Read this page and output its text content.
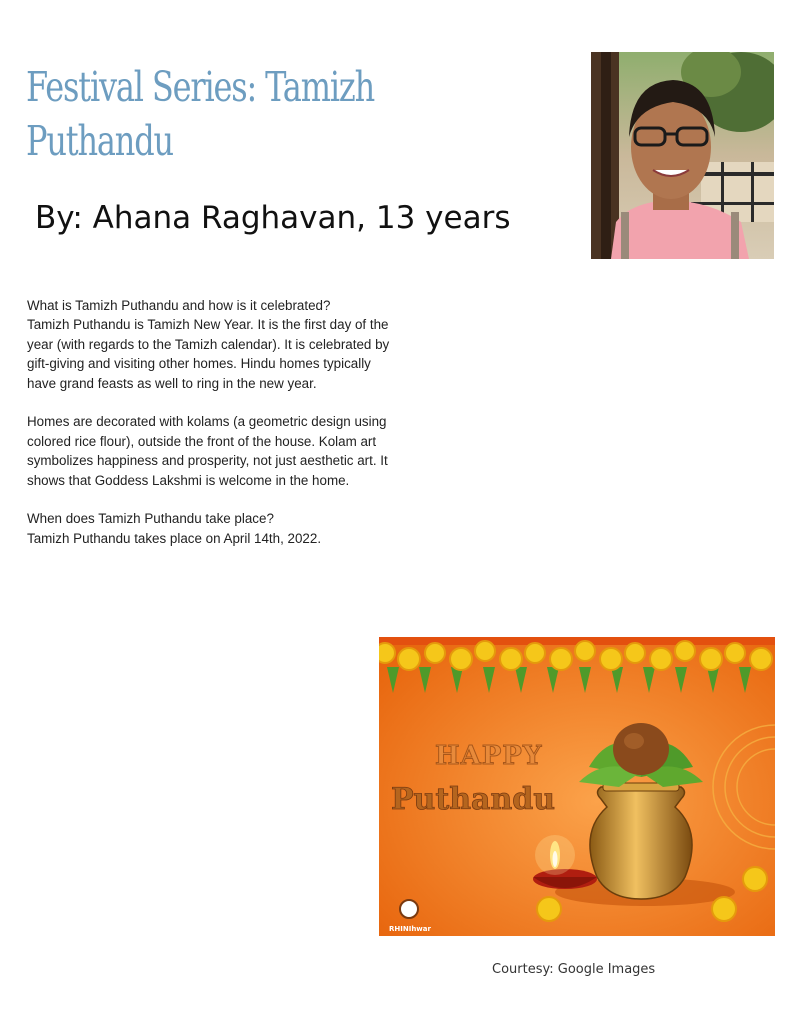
Festival Series: Tamizh
Puthandu
By: Ahana Raghavan, 13 years

What is Tamizh Puthandu and how is it celebrated?
Tamizh Puthandu is Tamizh New Year. It is the first day of the
year (with regards to the Tamizh calendar). It is celebrated by
gift-giving and visiting other homes. Hindu homes typically
have grand feasts as well to ring in the new year.

Homes are decorated with kolams (a geometric design using
colored rice flour), outside the front of the house. Kolam art
symbolizes happiness and prosperity, not just aesthetic art. It
shows that Goddess Lakshmi is welcome in the home.

When does Tamizh Puthandu take place?
Tamizh Puthandu takes place on April 14th, 2022.

HAPPY
Puthandu
RHINIhwar
Courtesy: Google Images
